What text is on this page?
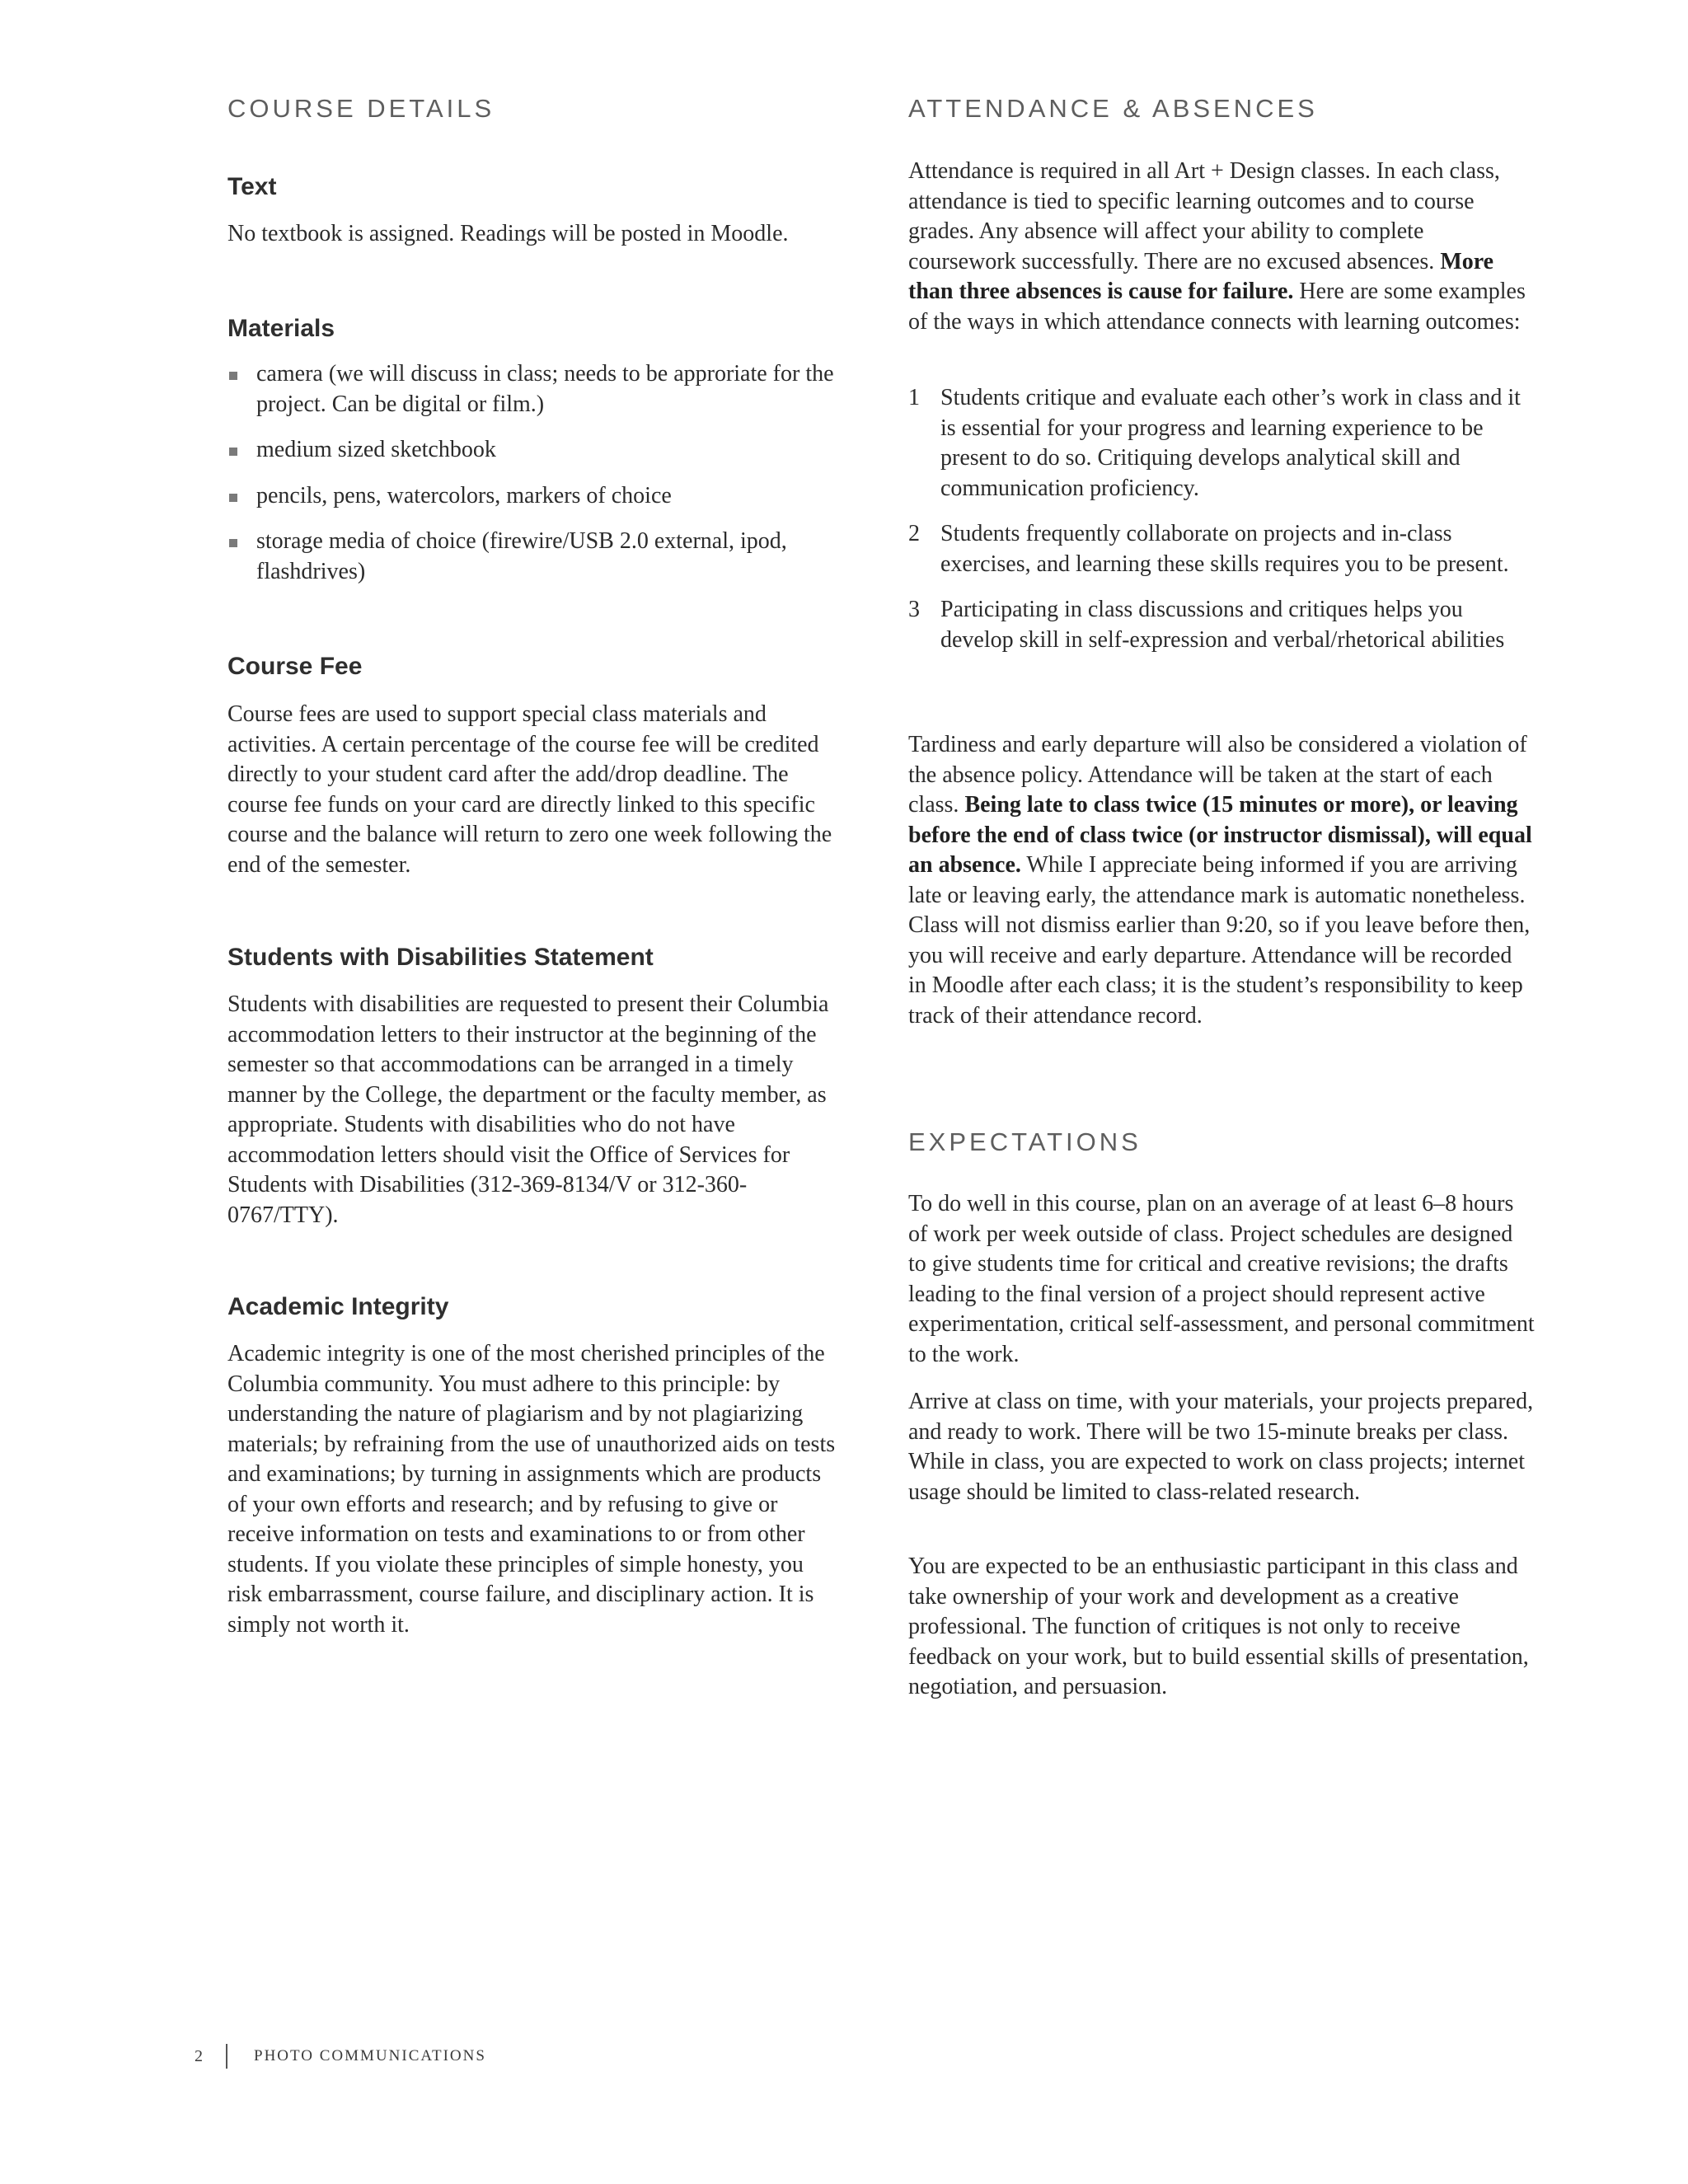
COURSE DETAILS
Text

No textbook is assigned. Readings will be posted in Moodle.

Materials
camera (we will discuss in class; needs to be approriate for the project. Can be digital or film.)
medium sized sketchbook
pencils, pens, watercolors, markers of choice
storage media of choice (firewire/USB 2.0 external, ipod, flashdrives)
Course Fee

Course fees are used to support special class materials and activities. A certain percentage of the course fee will be credited directly to your student card after the add/drop deadline. The course fee funds on your card are directly linked to this specific course and the balance will return to zero one week following the end of the semester.

Students with Disabilities Statement

Students with disabilities are requested to present their Columbia accommodation letters to their instructor at the beginning of the semester so that accommodations can be arranged in a timely manner by the College, the department or the faculty member, as appropriate. Students with disabilities who do not have accommodation letters should visit the Office of Services for Students with Disabilities (312-369-8134/V or 312-360-0767/TTY).

Academic Integrity

Academic integrity is one of the most cherished principles of the Columbia community. You must adhere to this principle: by understanding the nature of plagiarism and by not plagiarizing materials; by refraining from the use of unauthorized aids on tests and examinations; by turning in assignments which are products of your own efforts and research; and by refusing to give or receive information on tests and examinations to or from other students. If you violate these principles of simple honesty, you risk embarrassment, course failure, and disciplinary action. It is simply not worth it.

ATTENDANCE & ABSENCES

Attendance is required in all Art + Design classes. In each class, attendance is tied to specific learning outcomes and to course grades. Any absence will affect your ability to complete coursework successfully. There are no excused absences. More than three absences is cause for failure. Here are some examples of the ways in which attendance connects with learning outcomes:

1 Students critique and evaluate each other’s work in class and it is essential for your progress and learning experience to be present to do so. Critiquing develops analytical skill and communication proficiency.
2 Students frequently collaborate on projects and in-class exercises, and learning these skills requires you to be present.
3 Participating in class discussions and critiques helps you develop skill in self-expression and verbal/rhetorical abilities

Tardiness and early departure will also be considered a violation of the absence policy. Attendance will be taken at the start of each class. Being late to class twice (15 minutes or more), or leaving before the end of class twice (or instructor dismissal), will equal an absence. While I appreciate being informed if you are arriving late or leaving early, the attendance mark is automatic nonetheless. Class will not dismiss earlier than 9:20, so if you leave before then, you will receive and early departure. Attendance will be recorded in Moodle after each class; it is the student’s responsibility to keep track of their attendance record.

EXPECTATIONS

To do well in this course, plan on an average of at least 6–8 hours of work per week outside of class. Project schedules are designed to give students time for critical and creative revisions; the drafts leading to the final version of a project should represent active experimentation, critical self-assessment, and personal commitment to the work.

Arrive at class on time, with your materials, your projects prepared, and ready to work. There will be two 15-minute breaks per class. While in class, you are expected to work on class projects; internet usage should be limited to class-related research.

You are expected to be an enthusiastic participant in this class and take ownership of your work and development as a creative professional. The function of critiques is not only to receive feedback on your work, but to build essential skills of presentation, negotiation, and persuasion.

2	PHOTO COMMUNICATIONS
